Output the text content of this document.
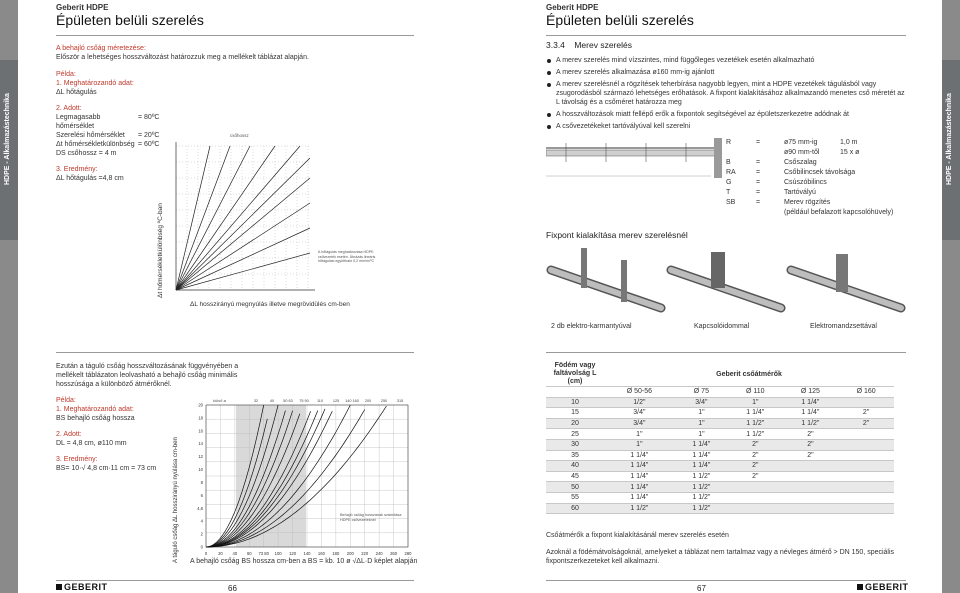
HDPE - Alkalmazástechnika
Geberit HDPE
Épületen belüli szerelés
A behajló csőág méretezése:
Először a lehetséges hosszváltozást határozzuk meg a mellékelt táblázat alapján.
Példa:
1. Meghatározandó adat:
ΔL hőtágulás
2. Adott:
Legmagasabb hőmérséklet
= 80ºC
Szerelési hőmérséklet	= 20ºC
Δt hőmérsékletkülönbség = 60ºC
DS csőhossz = 4 m
3. Eredmény:
ΔL hőtágulás =4,8 cm
csőhossz
Δt hőmérsékletkülönbség ºC-ban
ΔL hosszirányú megnyúlás illetve megrövidülés cm-ben
A hőtágulás meghatározása HDPE csővezeték esetén. Ábrázás lineáris hőtágulási együttható 0,2 mm/m/ºC
Ezután a táguló csőág hosszváltozásának függvényében a mellékelt táblázaton leolvasható a behajló csőág minimális hosszúsága a különböző átmérőknél.
Példa:
1. Meghatározandó adat:
BS behajló csőág hossza
2. Adott:
DL = 4,8 cm, ø110 mm
3. Eredmény:
BS= 10·√ 4,8 cm·11 cm = 73 cm
20
18
16
14
12
10
8
6
4,8
4
2
0
0	20 40 60 73 80 100 120 140 160 180 200 220 240 260 280
32	40 50 63 75 90 110	125 140 160 200	250	315
külső ø
A táguló csőág ΔL hosszirányú nyúlása cm-ben	Behajló csőág hosszának számítása HDPE csővezetéknél
A behajló csőág BS hossza cm-ben a BS = kb. 10 ø √ΔL·D képlet alapján
GEBERIT	66
HDPE - Alkalmazástechnika
Geberit HDPE
Épületen belüli szerelés
3.3.4    Merev szerelés
A merev szerelés mind vízszintes, mind függőleges vezetékek esetén alkalmazható
A merev szerelés alkalmazása ø160 mm-ig ajánlott
A merev szerelésnél a rögzítések teherbírása nagyobb legyen, mint a HDPE vezetékek tágulásból vagy zsugorodásból származó lehetséges erőhatások. A fixpont kialakításához alkalmazandó menetes cső méretét az L távolság és a csőméret határozza meg
A hosszváltozások miatt fellépő erők a fixpontok segítségével az épületszerkezetre adódnak át
A csővezetékeket tartóvályúval kell szerelni
R	=	ø75 mm-ig	1,0 m
ø90 mm-től	15 x ø
B	=	Csőszalag
RA	=	Csőbilincsek távolsága
G	=	Csúszóbilincs
T	=	Tartóvályú
SB	=	Merev rögzítés
(például befalazott kapcsolóhüvely)
Fixpont kialakítása merev szerelésnél
2 db elektro-karmantyúval	Kapcsolóidommal	Elektromandzsettával
Födém vagy faltávolság L (cm)	Geberit csőátmérők				
	Ø 50-56	Ø 75	Ø 110	Ø 125	Ø 160
10	1/2"	3/4"	1"	1 1/4"	
15	3/4"	1"	1 1/4"	1 1/4"	2"
20	3/4"	1"	1 1/2"	1 1/2"	2"
25	1"	1"	1 1/2"	2"	
30	1"	1 1/4"	2"	2"	
35	1 1/4"	1 1/4"	2"	2"	
40	1 1/4"	1 1/4"	2"		
45	1 1/4"	1 1/2"	2"		
50	1 1/4"	1 1/2"			
55	1 1/4"	1 1/2"			
60	1 1/2"	1 1/2"			
Csőátmérők a fixpont kialakításánál merev szerelés esetén
Azoknál a födémátvolságoknál, amelyeket a táblázat nem tartalmaz vagy a névleges átmérő > DN 150, speciális fixpontszerkezeteket kell alkalmazni.
67	GEBERIT
